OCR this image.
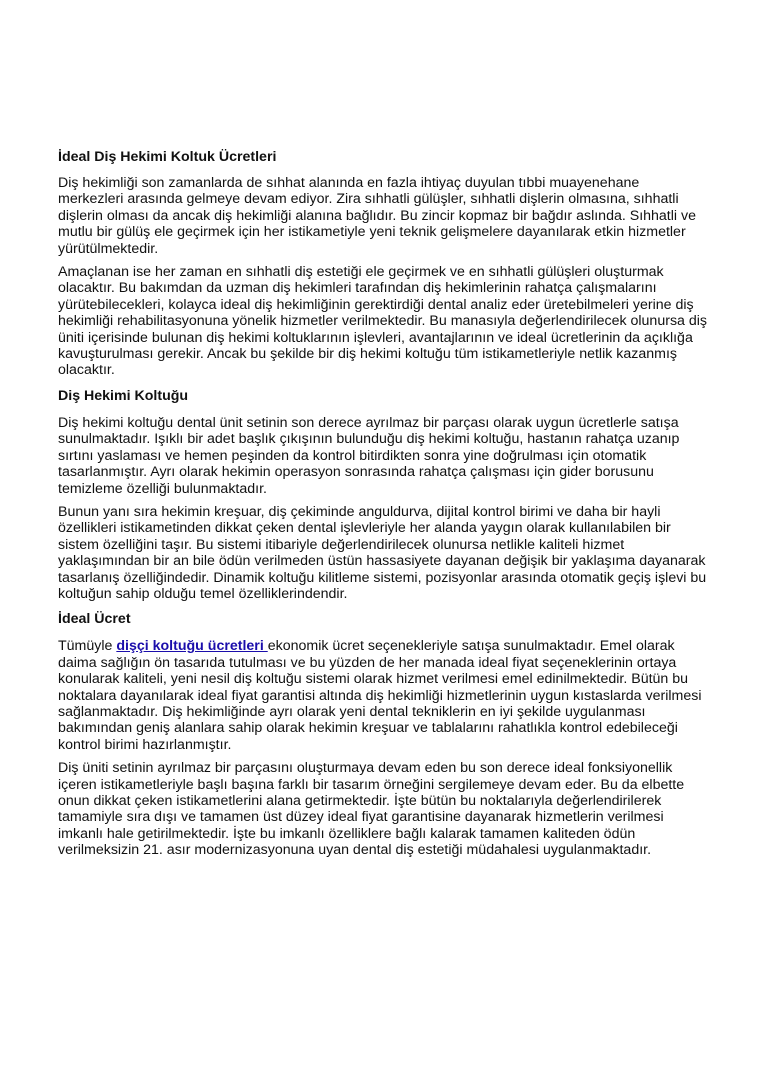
İdeal Diş Hekimi Koltuk Ücretleri

Diş hekimliği son zamanlarda de sıhhat alanında en fazla ihtiyaç duyulan tıbbi muayenehane merkezleri arasında gelmeye devam ediyor. Zira sıhhatli gülüşler, sıhhatli dişlerin olmasına, sıhhatli dişlerin olması da ancak diş hekimliği alanına bağlıdır. Bu zincir kopmaz bir bağdır aslında. Sıhhatli ve mutlu bir gülüş ele geçirmek için her istikametiyle yeni teknik gelişmelere dayanılarak etkin hizmetler yürütülmektedir.

Amaçlanan ise her zaman en sıhhatli diş estetiği ele geçirmek ve en sıhhatli gülüşleri oluşturmak olacaktır. Bu bakımdan da uzman diş hekimleri tarafından diş hekimlerinin rahatça çalışmalarını yürütebilecekleri, kolayca ideal diş hekimliğinin gerektirdiği dental analiz eder üretebilmeleri yerine diş hekimliği rehabilitasyonuna yönelik hizmetler verilmektedir. Bu manasıyla değerlendirilecek olunursa diş üniti içerisinde bulunan diş hekimi koltuklarının işlevleri, avantajlarının ve ideal ücretlerinin da açıklığa kavuşturulması gerekir. Ancak bu şekilde bir diş hekimi koltuğu tüm istikametleriyle netlik kazanmış olacaktır.

Diş Hekimi Koltuğu

Diş hekimi koltuğu dental ünit setinin son derece ayrılmaz bir parçası olarak uygun ücretlerle satışa sunulmaktadır. Işıklı bir adet başlık çıkışının bulunduğu diş hekimi koltuğu, hastanın rahatça uzanıp sırtını yaslaması ve hemen peşinden da kontrol bitirdikten sonra yine doğrulması için otomatik tasarlanmıştır. Ayrı olarak hekimin operasyon sonrasında rahatça çalışması için gider borusunu temizleme özelliği bulunmaktadır.

Bunun yanı sıra hekimin kreşuar, diş çekiminde anguldurva, dijital kontrol birimi ve daha bir hayli özellikleri istikametinden dikkat çeken dental işlevleriyle her alanda yaygın olarak kullanılabilen bir sistem özelliğini taşır. Bu sistemi itibariyle değerlendirilecek olunursa netlikle kaliteli hizmet yaklaşımından bir an bile ödün verilmeden üstün hassasiyete dayanan değişik bir yaklaşıma dayanarak tasarlanış özelliğindedir. Dinamik koltuğu kilitleme sistemi, pozisyonlar arasında otomatik geçiş işlevi bu koltuğun sahip olduğu temel özelliklerindendir.

İdeal Ücret

Tümüyle dişçi koltuğu ücretleri ekonomik ücret seçenekleriyle satışa sunulmaktadır. Emel olarak daima sağlığın ön tasarıda tutulması ve bu yüzden de her manada ideal fiyat seçeneklerinin ortaya konularak kaliteli, yeni nesil diş koltuğu sistemi olarak hizmet verilmesi emel edinilmektedir. Bütün bu noktalara dayanılarak ideal fiyat garantisi altında diş hekimliği hizmetlerinin uygun kıstaslarda verilmesi sağlanmaktadır. Diş hekimliğinde ayrı olarak yeni dental tekniklerin en iyi şekilde uygulanması bakımından geniş alanlara sahip olarak hekimin kreşuar ve tablalarını rahatlıkla kontrol edebileceği kontrol birimi hazırlanmıştır.

Diş üniti setinin ayrılmaz bir parçasını oluşturmaya devam eden bu son derece ideal fonksiyonellik içeren istikametleriyle başlı başına farklı bir tasarım örneğini sergilemeye devam eder. Bu da elbette onun dikkat çeken istikametlerini alana getirmektedir. İşte bütün bu noktalarıyla değerlendirilerek tamamiyle sıra dışı ve tamamen üst düzey ideal fiyat garantisine dayanarak hizmetlerin verilmesi imkanlı hale getirilmektedir. İşte bu imkanlı özelliklere bağlı kalarak tamamen kaliteden ödün verilmeksizin 21. asır modernizasyonuna uyan dental diş estetiği müdahalesi uygulanmaktadır.
